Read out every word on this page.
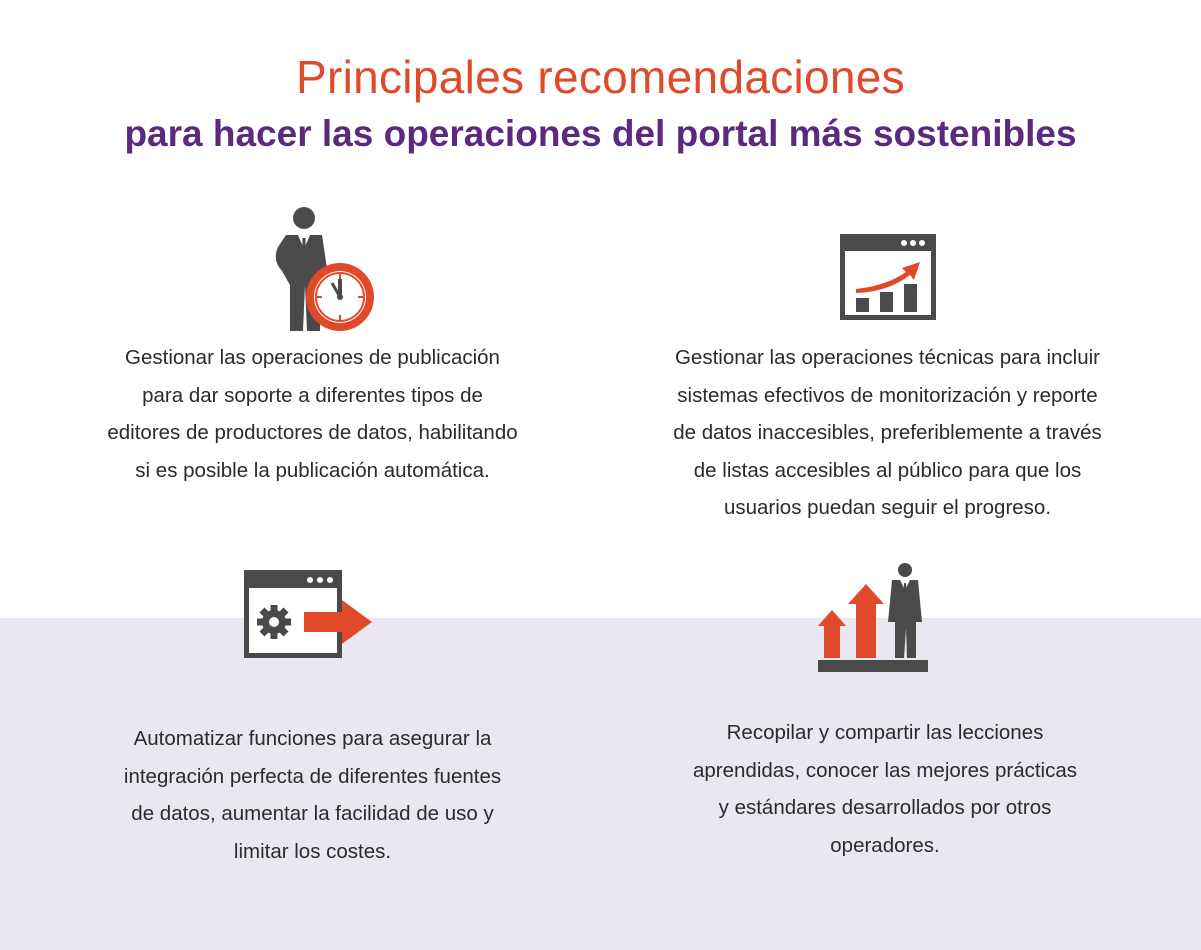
Principales recomendaciones
para hacer las operaciones del portal más sostenibles

Gestionar las operaciones de publicación
para dar soporte a diferentes tipos de
editores de productores de datos, habilitando
si es posible la publicación automática.

Gestionar las operaciones técnicas para incluir
sistemas efectivos de monitorización y reporte
de datos inaccesibles, preferiblemente a través
de listas accesibles al público para que los
usuarios puedan seguir el progreso.

Automatizar funciones para asegurar la
integración perfecta de diferentes fuentes
de datos, aumentar la facilidad de uso y
limitar los costes.

Recopilar y compartir las lecciones
aprendidas, conocer las mejores prácticas
y estándares desarrollados por otros
operadores.
